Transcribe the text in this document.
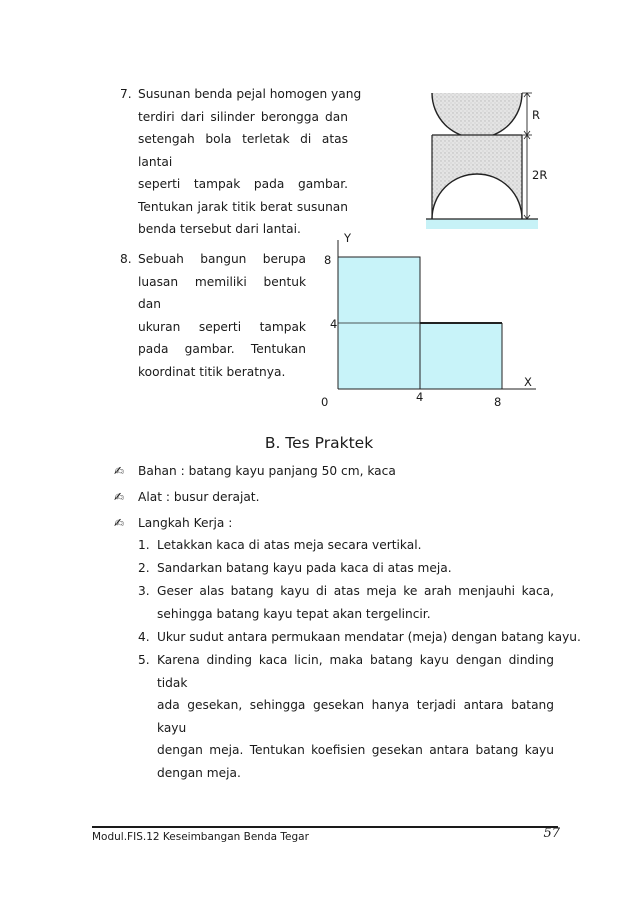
7. Susunan benda pejal homogen yang
terdiri dari silinder berongga dan
setengah bola terletak di atas lantai
seperti tampak pada gambar.
Tentukan jarak titik berat susunan
benda tersebut dari lantai.
R
2R
8. Sebuah bangun berupa
luasan memiliki bentuk dan
ukuran seperti tampak
pada gambar. Tentukan
koordinat titik beratnya.
Y
X
8
4
0	4	8
B. Tes Praktek
✍ Bahan : batang kayu panjang 50 cm, kaca
✍ Alat : busur derajat.
✍ Langkah Kerja :
1. Letakkan kaca di atas meja secara vertikal.
2. Sandarkan batang kayu pada kaca di atas meja.
3. Geser alas batang kayu di atas meja ke arah menjauhi kaca,
sehingga batang kayu tepat akan tergelincir.
4. Ukur sudut antara permukaan mendatar (meja) dengan batang kayu.
5. Karena dinding kaca licin, maka batang kayu dengan dinding tidak
ada gesekan, sehingga gesekan hanya terjadi antara batang kayu
dengan meja. Tentukan koefisien gesekan antara batang kayu
dengan meja.
Modul.FIS.12 Keseimbangan Benda Tegar	57
